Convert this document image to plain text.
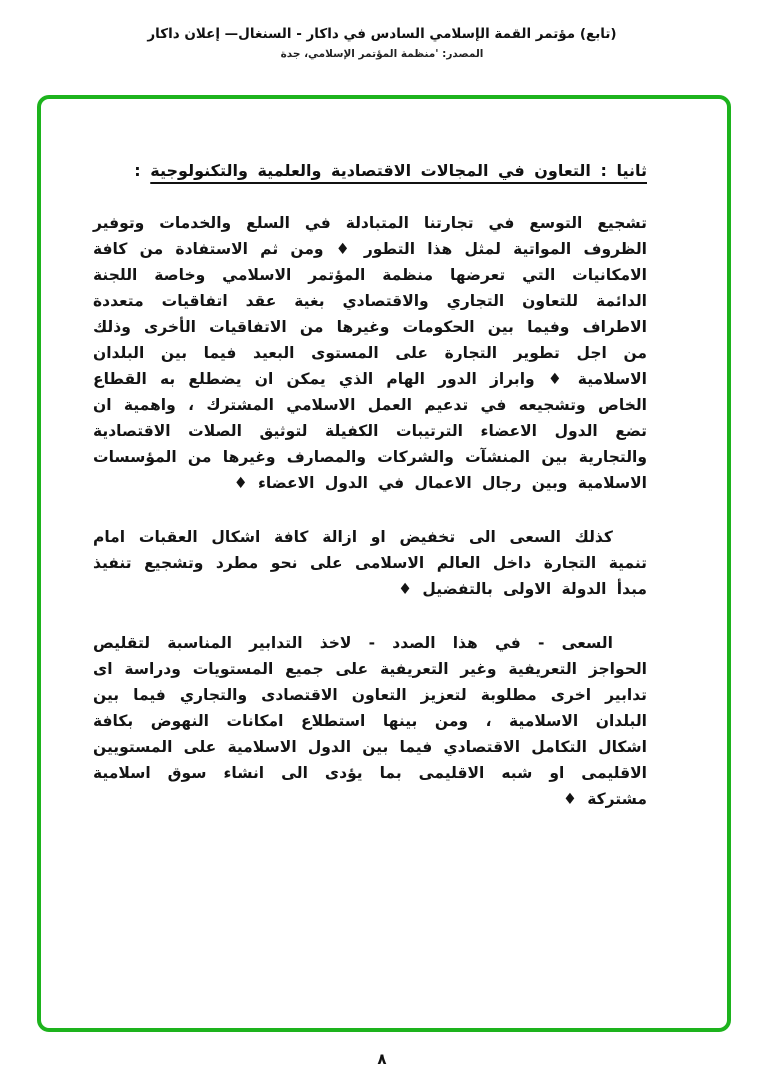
(تابع) مؤتمر القمة الإسلامي السادس في داكار - السنغال— إعلان داكار
المصدر: 'منظمة المؤتمر الإسلامي، جدة
ثانيا : التعاون في المجالات الاقتصادية والعلمية والتكنولوجية :

تشجيع التوسع في تجارتنا المتبادلة في السلع والخدمات وتوفير الظروف المواتية لمثل هذا التطور ♦ ومن ثم الاستفادة من كافة الامكانيات التي تعرضها منظمة المؤتمر الاسلامي وخاصة اللجنة الدائمة للتعاون التجاري والاقتصادي بغية عقد اتفاقيات متعددة الاطراف وفيما بين الحكومات وغيرها من الاتفاقيات الأخرى وذلك من اجل تطوير التجارة على المستوى البعيد فيما بين البلدان الاسلامية ♦ وابراز الدور الهام الذي يمكن ان يضطلع به القطاع الخاص وتشجيعه في تدعيم العمل الاسلامي المشترك ، واهمية ان تضع الدول الاعضاء الترتيبات الكفيلة لتوثيق الصلات الاقتصادية والتجارية بين المنشآت والشركات والمصارف وغيرها من المؤسسات الاسلامية وبين رجال الاعمال في الدول الاعضاء ♦

كذلك السعى الى تخفيض او ازالة كافة اشكال العقبات امام تنمية التجارة داخل العالم الاسلامى على نحو مطرد وتشجيع تنفيذ مبدأ الدولة الاولى بالتفضيل ♦

السعى - في هذا الصدد - لاخذ التدابير المناسبة لتقليص الحواجز التعريفية وغير التعريفية على جميع المستويات ودراسة اى تدابير اخرى مطلوبة لتعزيز التعاون الاقتصادى والتجاري فيما بين البلدان الاسلامية ، ومن بينها استطلاع امكانات النهوض بكافة اشكال التكامل الاقتصادي فيما بين الدول الاسلامية على المستويين الاقليمى او شبه الاقليمى بما يؤدى الى انشاء سوق اسلامية مشتركة ♦

٨
